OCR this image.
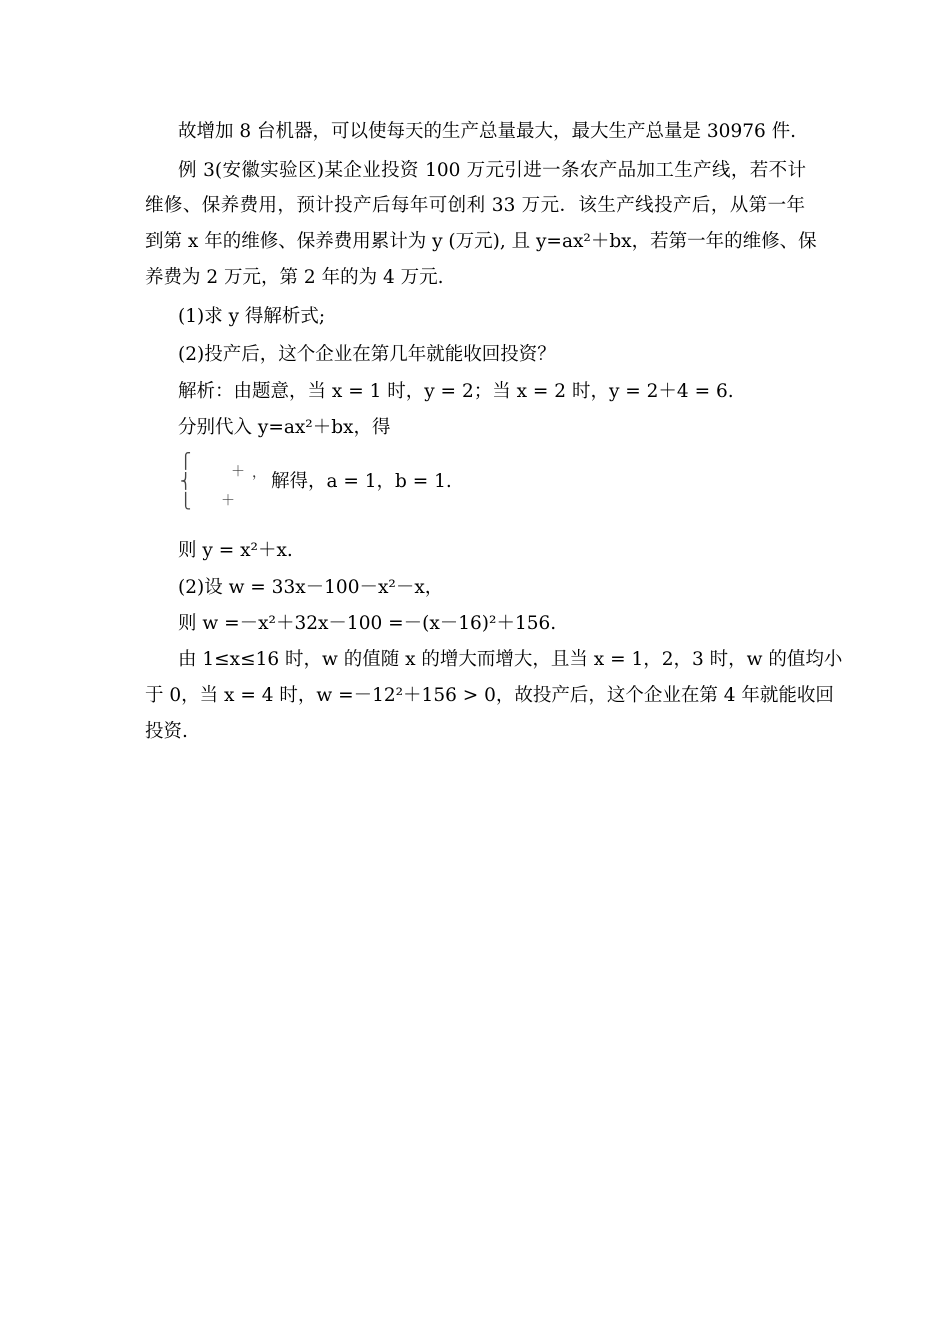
故增加 8 台机器，可以使每天的生产总量最大，最大生产总量是 30976 件.
例 3(安徽实验区)某企业投资 100 万元引进一条农产品加工生产线，若不计
维修、保养费用，预计投产后每年可创利 33 万元．该生产线投产后，从第一年
到第 x 年的维修、保养费用累计为 y (万元), 且 y=ax²＋bx，若第一年的维修、保
养费为 2 万元，第 2 年的为 4 万元.
(1)求 y 得解析式;
(2)投产后，这个企业在第几年就能收回投资？
解析：由题意，当 x = 1 时，y = 2；当 x = 2 时，y = 2＋4 = 6.
分别代入 y=ax²＋bx，得
⎧
⎨
⎩
＋ ， 解得，a = 1，b = 1.
＋
则 y = x²＋x.
(2)设 w = 33x－100－x²－x，
则 w =－x²＋32x－100 =－(x－16)²＋156.
由 1≤x≤16 时，w 的值随 x 的增大而增大，且当 x = 1，2，3 时，w 的值均小
于 0，当 x = 4 时，w =－12²＋156 > 0，故投产后，这个企业在第 4 年就能收回
投资.
